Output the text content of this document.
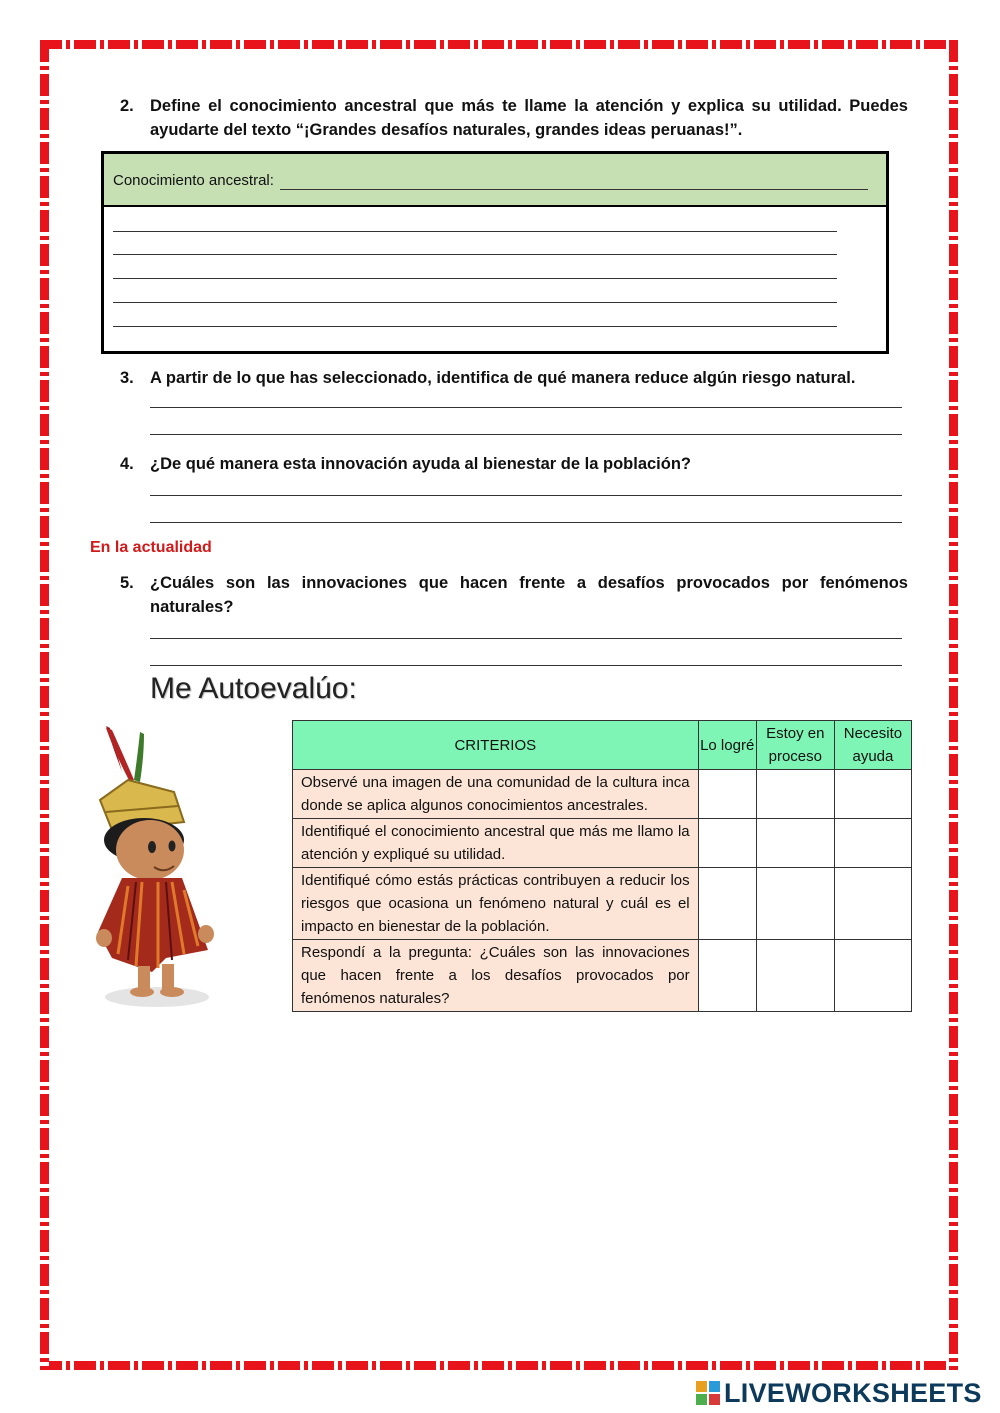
2. Define el conocimiento ancestral que más te llame la atención y explica su utilidad. Puedes ayudarte del texto “¡Grandes desafíos naturales, grandes ideas peruanas!”.
Conocimiento ancestral:
3. A partir de lo que has seleccionado, identifica de qué manera reduce algún riesgo natural.
4. ¿De qué manera esta innovación ayuda al bienestar de la población?
En la actualidad
5. ¿Cuáles son las innovaciones que hacen frente a desafíos provocados por fenómenos naturales?
Me Autoevalúo:
CRITERIOS	Lo logré	Estoy en proceso	Necesito ayuda
Observé una imagen de una comunidad de la cultura inca donde se aplica algunos conocimientos ancestrales.			
Identifiqué el conocimiento ancestral que más me llamo la atención y expliqué su utilidad.			
Identifiqué cómo estás prácticas contribuyen a reducir los riesgos que ocasiona un fenómeno natural y cuál es el impacto en bienestar de la población.			
Respondí a la pregunta: ¿Cuáles son las innovaciones que hacen frente a los desafíos provocados por fenómenos naturales?			
LIVEWORKSHEETS
